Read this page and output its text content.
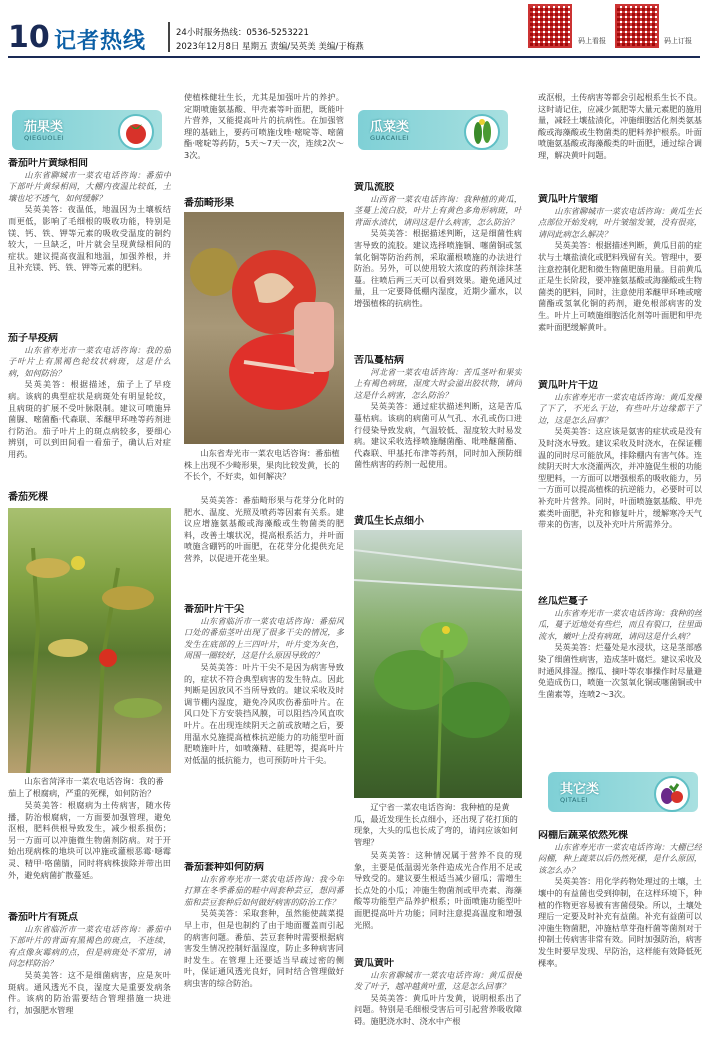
10 记者热线	24小时服务热线：0536-5253221
2023年12月8日 星期五 责编/吴英美 美编/于梅燕
码上看报	码上订报
茄果类
QIEGUOLEI
番茄叶片黄绿相间

山东省聊城市一菜农电话咨询：番茄中下部叶片黄绿相间，大棚内夜温比较低，土壤也坨不透气，如何缓解？

吴英美答：夜温低，地温因为土壤板结而更低，影响了毛细根的吸收功能，特别是镁、钙、铁、钾等元素的吸收受温度的制约较大，一旦缺乏，叶片就会呈现黄绿相间的症状。建议提高夜温和地温，加强养根，并且补充镁、钙、铁、钾等元素的肥料。

茄子早疫病

山东省寿光市一菜农电话咨询：我的茄子叶片上有黑褐色轮纹状病斑，这是什么病，如何防治？

吴英美答：根据描述，茄子上了早疫病。该病的典型症状是病斑处有明显轮纹，且病斑的扩展不受叶脉限制。建议可喷施异菌脲、嘧菌酯·代森联、苯醚甲环唑等药剂进行防治。茄子叶片上的斑点病较多，要细心辨别，可以到田间看一看茄子，确认后对症用药。

番茄死棵
山东省菏泽市一菜农电话咨询：我的番茄上了根腐病，严重的死棵，如何防治？

吴英美答：根腐病为土传病害，随水传播，防治根腐病，一方面要加强管理，避免沤根，肥料供根导致发生，减少根系损伤；另一方面可以冲施微生物菌剂防病。对于开始出现病株的地块可以冲施或灌根恶霉·噁霉灵、精甲·咯菌腈，同时将病株拔除并带出田外，避免病菌扩散蔓延。

番茄叶片有斑点

山东省临沂市一菜农电话咨询：番茄中下部叶片的背面有黑褐色的斑点，不连续，有点像灰霉病的点，但是病斑处不常用，请问怎样防治？

吴英美答：这不是细菌病害，应是灰叶斑病。通风透光不良，湿度大是重要发病条件。该病的防治需要结合管理措施一块进行，加强肥水管理

使植株健壮生长，尤其是加强叶片的养护。定期喷施氨基酸、甲壳素等叶面肥，既能叶片营养，又能提高叶片的抗病性。在加强管理的基础上，要药可喷施戊唑·嘧啶等、嘧菌酯·嘧啶等药防，5天～7天一次，连续2次～3次。

番茄畸形果
山东省寿光市一菜农电话咨询：番茄植株上出现不少畸形果，果肉比较发黄，长的不长个，不好卖，如何解决？

吴英美答：番茄畸形果与花芽分化时的肥水、温度、光照及喷药等因素有关系。建议应增施氨基酸或海藻酸或生物菌类的肥料，改善土壤状况，提高根系活力，并叶面喷施含硼钙的叶面肥，在花芽分化提供充足营养，以促进开花坐果。

番茄叶片干尖

山东省临沂市一菜农电话咨询：番茄风口处的番茄茎叶出现了很多干尖的情况，多发生在底部的上三四叶片，叶片变为灰色，周围一圈较好，这是什么原因导致的？

吴英美答：叶片干尖不是因为病害导致的，症状不符合典型病害的发生特点。因此判断是因放风不当所导致的。建议采收及时调节棚内湿度，避免冷风吹伤番茄叶片。在风口处下方安装挡风膜，可以阻挡冷风直吹叶片。在出现连续阴天之前或放晴之后，要用温水兑施提高植株抗逆能力的功能型叶面肥喷施叶片，如喷藻精、硅肥等，提高叶片对低温的抵抗能力，也可预防叶片干尖。

番茄套种如何防病

山东省寿光市一菜农电话咨询：我今年打算在冬季番茄的畦中间套种芸豆，想问番茄和芸豆套种后如何做好病害的防治工作？

吴英美答：采取套种，虽然能使蔬菜提早上市，但是也制约了由于地面覆盖而引起的病害问题。番茄、芸豆套种时需要根据病害发生情况控制好温湿度，防止多种病害同时发生。在管理上还要适当早疏过密的侧叶，保证通风透光良好，同时结合管理做好病虫害的综合防治。

瓜菜类
GUACAILEI
黄瓜流胶

山西省一菜农电话咨询：我种植的黄瓜，茎蔓上流白胶，叶片上有黄色多角形病斑，叶背面水渍状，请问这是什么病害，怎么防治？

吴英美答：根据描述判断，这是细菌性病害导致的流胶。建议选择喷施铜、噻菌铜或氢氧化铜等防治药剂，采取灌根喷施的办法进行防治。另外，可以使用较大浓度的药剂涂抹茎蔓。往喷后两三天可以看到效果。避免通风过量，且一定要降低棚内湿度，近期少灌水，以增强植株的抗病性。

苦瓜蔓枯病

河北省一菜农电话咨询：苦瓜茎叶和果实上有褐色病斑，湿度大时会溢出胶状物，请问这是什么病害，怎么防治？

吴英美答：通过症状描述判断，这是苦瓜蔓枯病。该病的病菌可从气孔、水孔或伤口进行侵染导致发病，气温较低、湿度较大时易发病。建议采收选择喷施醚菌酯、吡唑醚菌酯、代森联、甲基托布津等药剂，同时加入预防细菌性病害的药剂一起使用。

黄瓜生长点细小
辽宁省一菜农电话咨询：我种植的是黄瓜，最近发现生长点细小，还出现了花打顶的现象，大头的瓜也长成了弯的，请问应该如何管理？

吴英美答：这种情况属于营养不良的现象，主要是低温弱光条件造成光合作用不足或导致受的。建议要生根适当减少留瓜；需增生长点处的小瓜；冲施生物菌剂或甲壳素、海藻酸等功能型产品养护根系；叶面喷施功能型叶面肥提高叶片功能；同时注意提高温度和增强光照。

黄瓜黄叶

山东省聊城市一菜农电话咨询：黄瓜很便发了叶子，越冲越黄叶重，这是怎么回事？

吴英美答：黄瓜叶片发黄，说明根系出了问题。特别是毛细根受害后可引起营养吸收障碍。施肥浇水时、浇水中产根

或沤根，土传病害等都会引起根系生长不良。这时请记住，应减少氮肥等大量元素肥的施用量，减轻土壤盐渍化，冲施细胞活化剂类氨基酸或海藻酸或生物菌类的肥料养护根系。叶面喷施氨基酸或海藻酸类的叶面肥，通过综合调理，解决黄叶问题。

黄瓜叶片皱缩

山东省聊城市一菜农电话咨询：黄瓜生长点部位开始发病，叶片皱缩发皱，没有很亮，请问此病怎么解决？

吴英美答：根据描述判断，黄瓜目前的症状与土壤盐渍化或肥料残留有关。管理中，要注意控制化肥和微生物菌肥施用量。目前黄瓜正是生长阶段，要冲施氨基酸或海藻酸或生物菌类的肥料，同时，注意使用苯醚甲环唑或嘧菌酯或氢氧化铜的药剂，避免根部病害的发生。叶片上可喷施细胞活化剂等叶面肥和甲壳素叶面肥缓解黄叶。

黄瓜叶片干边

山东省寿光市一菜农电话咨询：黄瓜发棵了下了，不光么干边，有些叶片边缘都干了边，这是怎么回事？

吴英美答：这应该是氨害的症状或是没有及时浇水导致。建议采收及时浇水，在保证棚温的同时尽可能放风，排除棚内有害气体。连续阴天时大水浇灌两次，并冲施促生根的功能型肥料，一方面可以增强根系的吸收能力，另一方面可以提高植株的抗逆能力，必要时可以补充叶片营养。同时，叶面喷施氨基酸、甲壳素类叶面肥，补充和修复叶片，缓解寒冷天气带来的伤害，以及补充叶片所需养分。

丝瓜烂蔓子

山东省寿光市一菜农电话咨询：我种的丝瓜，蔓子近地处有些烂，而且有裂口，往里面流水，嫩叶上没有病斑，请问这是什么病？

吴英美答：烂蔓处是水浸状，这是茎部感染了细菌性病害，造成茎叶腐烂。建议采收及时通风排湿。擦瓜、摘叶等农事操作时尽量避免造成伤口，喷施一次氢氧化铜或噻菌铜或中生菌素等，连喷2～3次。

其它类
QITALEI
闷棚后蔬菜依然死棵

山东省寿光市一菜农电话咨询：大棚已经闷棚，种上蔬菜以后仍然死棵，是什么原因，该怎么办？

吴英美答：用化学药物处理过的土壤，土壤中的有益菌也受到抑制，在这样环境下，种植的作物更容易被有害菌侵染。所以，土壤处理后一定要及时补充有益菌。补充有益菌可以冲施生物菌肥，冲施枯草芽孢杆菌等菌剂对于抑制土传病害非常有效。同时加强防治，病害发生时要早发现、早防治，这样能有效降低死棵率。
